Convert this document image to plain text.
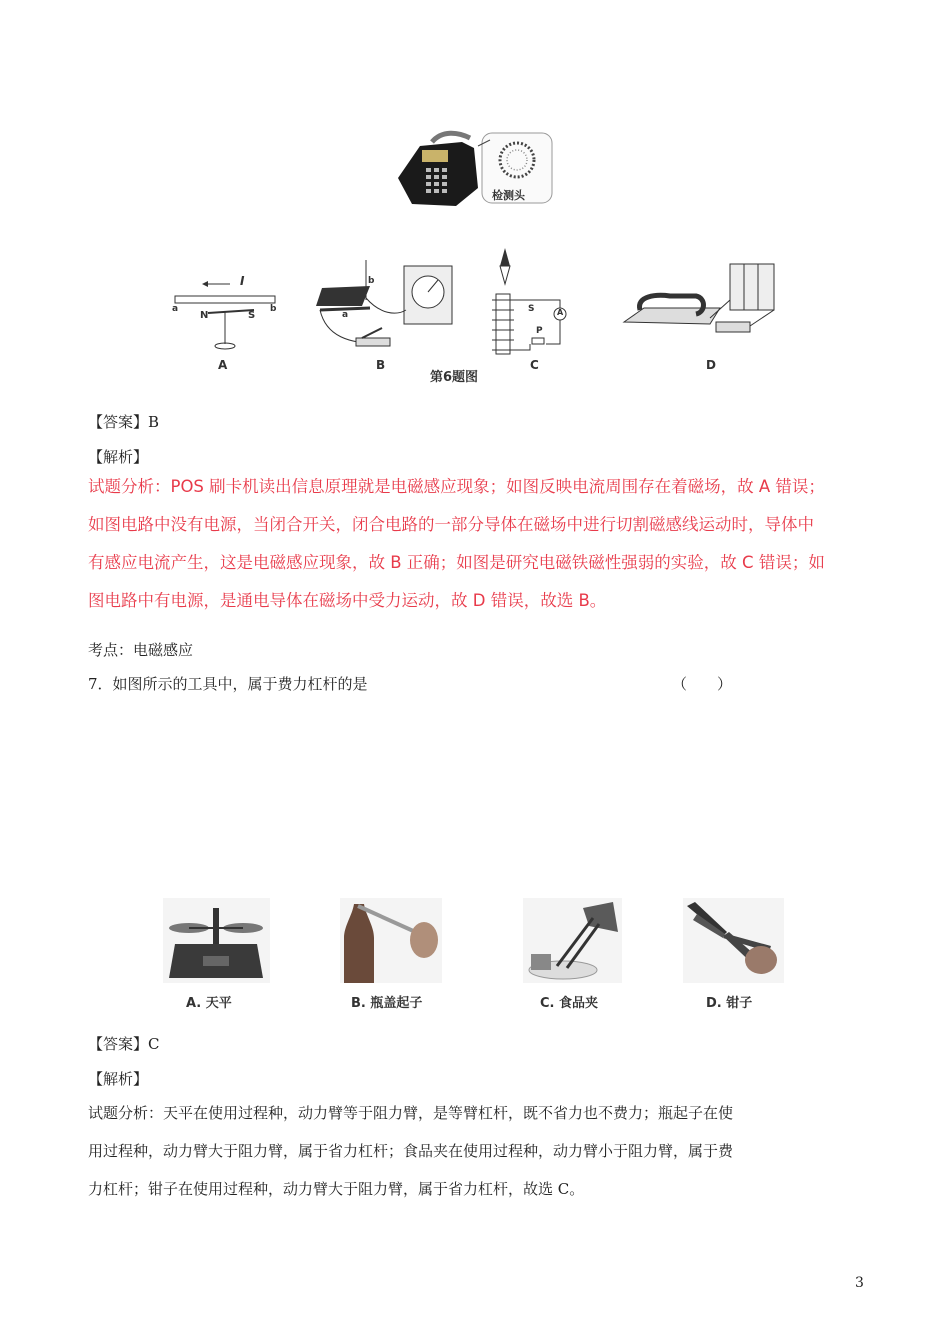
检测头
I
a	b
N	S
b
a
S	A
P
A	B	C	D
第6题图
【答案】B
【解析】
试题分析：POS 刷卡机读出信息原理就是电磁感应现象；如图反映电流周围存在着磁场，故 A 错误；
如图电路中没有电源，当闭合开关，闭合电路的一部分导体在磁场中进行切割磁感线运动时，导体中
有感应电流产生，这是电磁感应现象，故 B 正确；如图是研究电磁铁磁性强弱的实验，故 C 错误；如
图电路中有电源，是通电导体在磁场中受力运动，故 D 错误，故选 B。
考点：电磁感应
7．如图所示的工具中，属于费力杠杆的是	（　　）
A. 天平	B. 瓶盖起子	C. 食品夹	D. 钳子
【答案】C
【解析】
试题分析：天平在使用过程种，动力臂等于阻力臂，是等臂杠杆，既不省力也不费力；瓶起子在使
用过程种，动力臂大于阻力臂，属于省力杠杆；食品夹在使用过程种，动力臂小于阻力臂，属于费
力杠杆；钳子在使用过程种，动力臂大于阻力臂，属于省力杠杆，故选 C。
3
